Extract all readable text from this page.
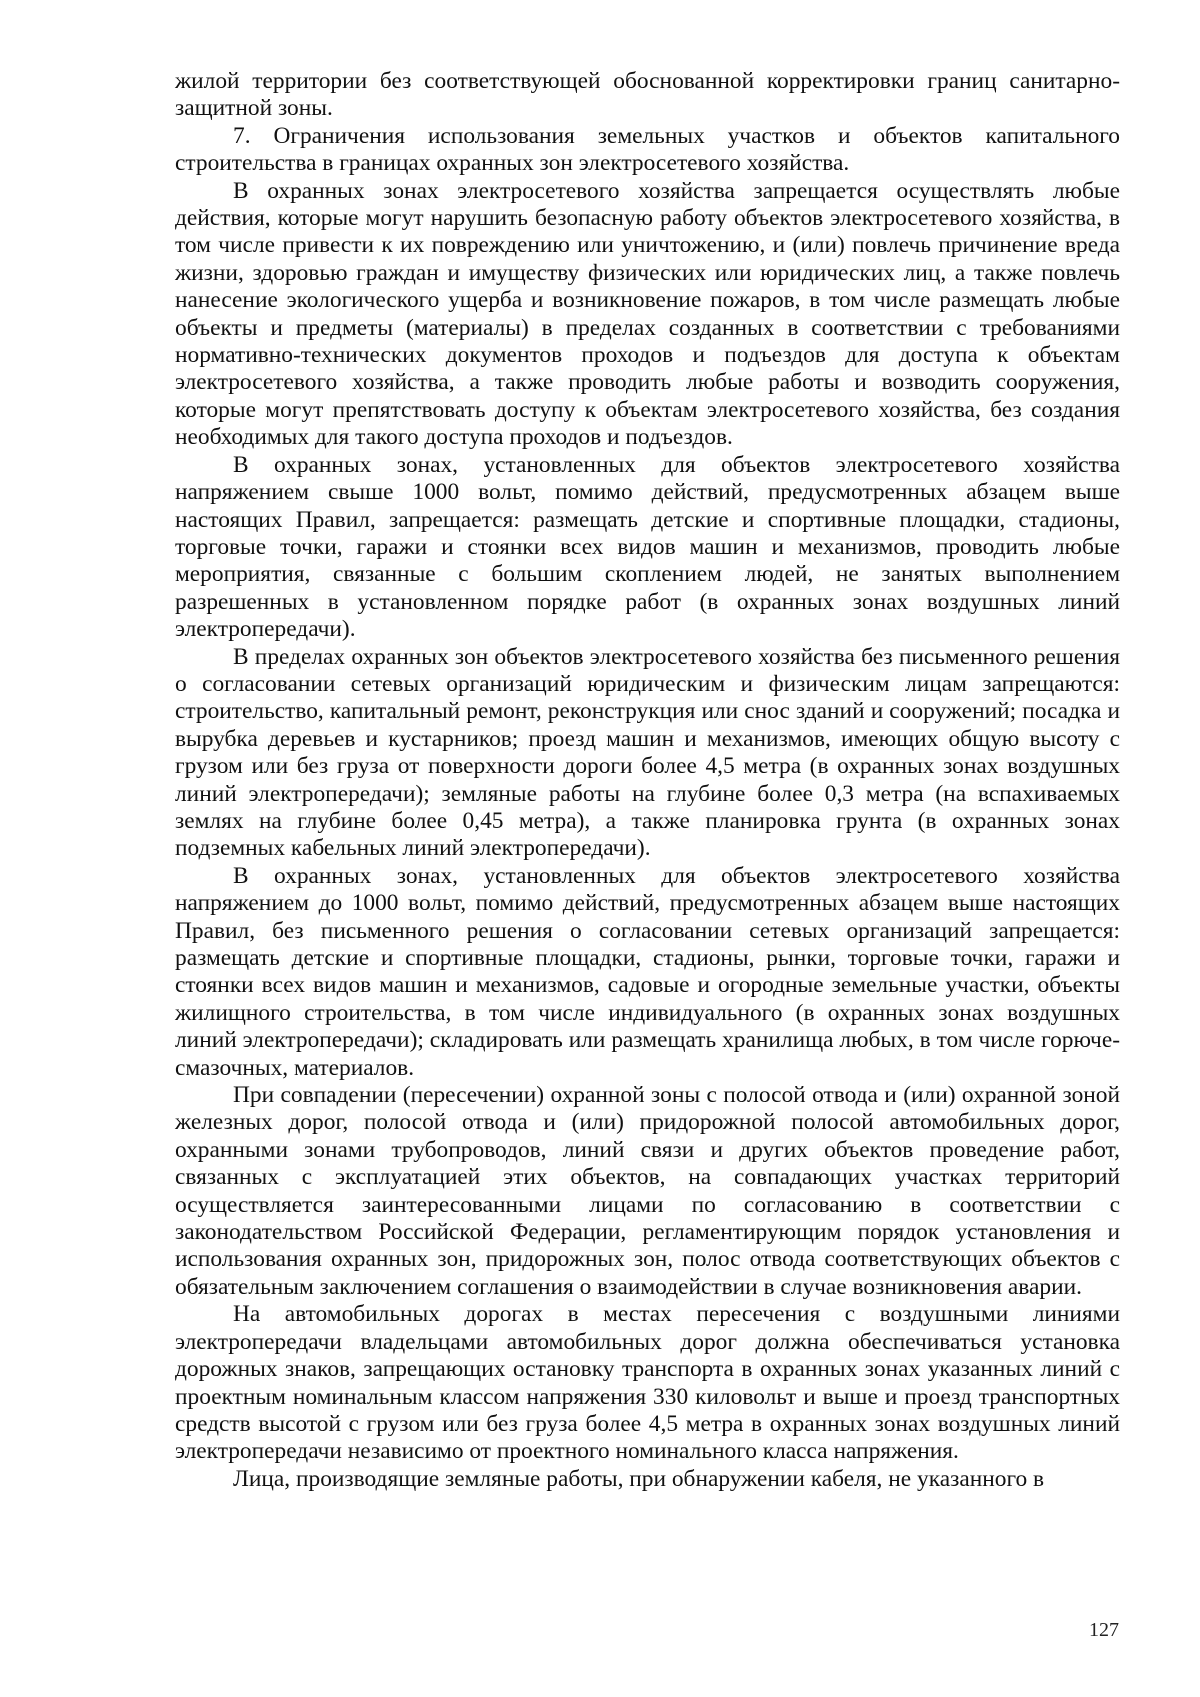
жилой территории без соответствующей обоснованной корректировки границ санитарно-защитной зоны.

7. Ограничения использования земельных участков и объектов капитального строительства в границах охранных зон электросетевого хозяйства.

В охранных зонах электросетевого хозяйства запрещается осуществлять любые действия, которые могут нарушить безопасную работу объектов электросетевого хозяйства, в том числе привести к их повреждению или уничтожению, и (или) повлечь причинение вреда жизни, здоровью граждан и имуществу физических или юридических лиц, а также повлечь нанесение экологического ущерба и возникновение пожаров, в том числе размещать любые объекты и предметы (материалы) в пределах созданных в соответствии с требованиями нормативно-технических документов проходов и подъездов для доступа к объектам электросетевого хозяйства, а также проводить любые работы и возводить сооружения, которые могут препятствовать доступу к объектам электросетевого хозяйства, без создания необходимых для такого доступа проходов и подъездов.

В охранных зонах, установленных для объектов электросетевого хозяйства напряжением свыше 1000 вольт, помимо действий, предусмотренных абзацем выше настоящих Правил, запрещается: размещать детские и спортивные площадки, стадионы, торговые точки, гаражи и стоянки всех видов машин и механизмов, проводить любые мероприятия, связанные с большим скоплением людей, не занятых выполнением разрешенных в установленном порядке работ (в охранных зонах воздушных линий электропередачи).

В пределах охранных зон объектов электросетевого хозяйства без письменного решения о согласовании сетевых организаций юридическим и физическим лицам запрещаются: строительство, капитальный ремонт, реконструкция или снос зданий и сооружений; посадка и вырубка деревьев и кустарников; проезд машин и механизмов, имеющих общую высоту с грузом или без груза от поверхности дороги более 4,5 метра (в охранных зонах воздушных линий электропередачи); земляные работы на глубине более 0,3 метра (на вспахиваемых землях на глубине более 0,45 метра), а также планировка грунта (в охранных зонах подземных кабельных линий электропередачи).

В охранных зонах, установленных для объектов электросетевого хозяйства напряжением до 1000 вольт, помимо действий, предусмотренных абзацем выше настоящих Правил, без письменного решения о согласовании сетевых организаций запрещается: размещать детские и спортивные площадки, стадионы, рынки, торговые точки, гаражи и стоянки всех видов машин и механизмов, садовые и огородные земельные участки, объекты жилищного строительства, в том числе индивидуального (в охранных зонах воздушных линий электропередачи); складировать или размещать хранилища любых, в том числе горюче-смазочных, материалов.

При совпадении (пересечении) охранной зоны с полосой отвода и (или) охранной зоной железных дорог, полосой отвода и (или) придорожной полосой автомобильных дорог, охранными зонами трубопроводов, линий связи и других объектов проведение работ, связанных с эксплуатацией этих объектов, на совпадающих участках территорий осуществляется заинтересованными лицами по согласованию в соответствии с законодательством Российской Федерации, регламентирующим порядок установления и использования охранных зон, придорожных зон, полос отвода соответствующих объектов с обязательным заключением соглашения о взаимодействии в случае возникновения аварии.

На автомобильных дорогах в местах пересечения с воздушными линиями электропередачи владельцами автомобильных дорог должна обеспечиваться установка дорожных знаков, запрещающих остановку транспорта в охранных зонах указанных линий с проектным номинальным классом напряжения 330 киловольт и выше и проезд транспортных средств высотой с грузом или без груза более 4,5 метра в охранных зонах воздушных линий электропередачи независимо от проектного номинального класса напряжения.

Лица, производящие земляные работы, при обнаружении кабеля, не указанного в

127
